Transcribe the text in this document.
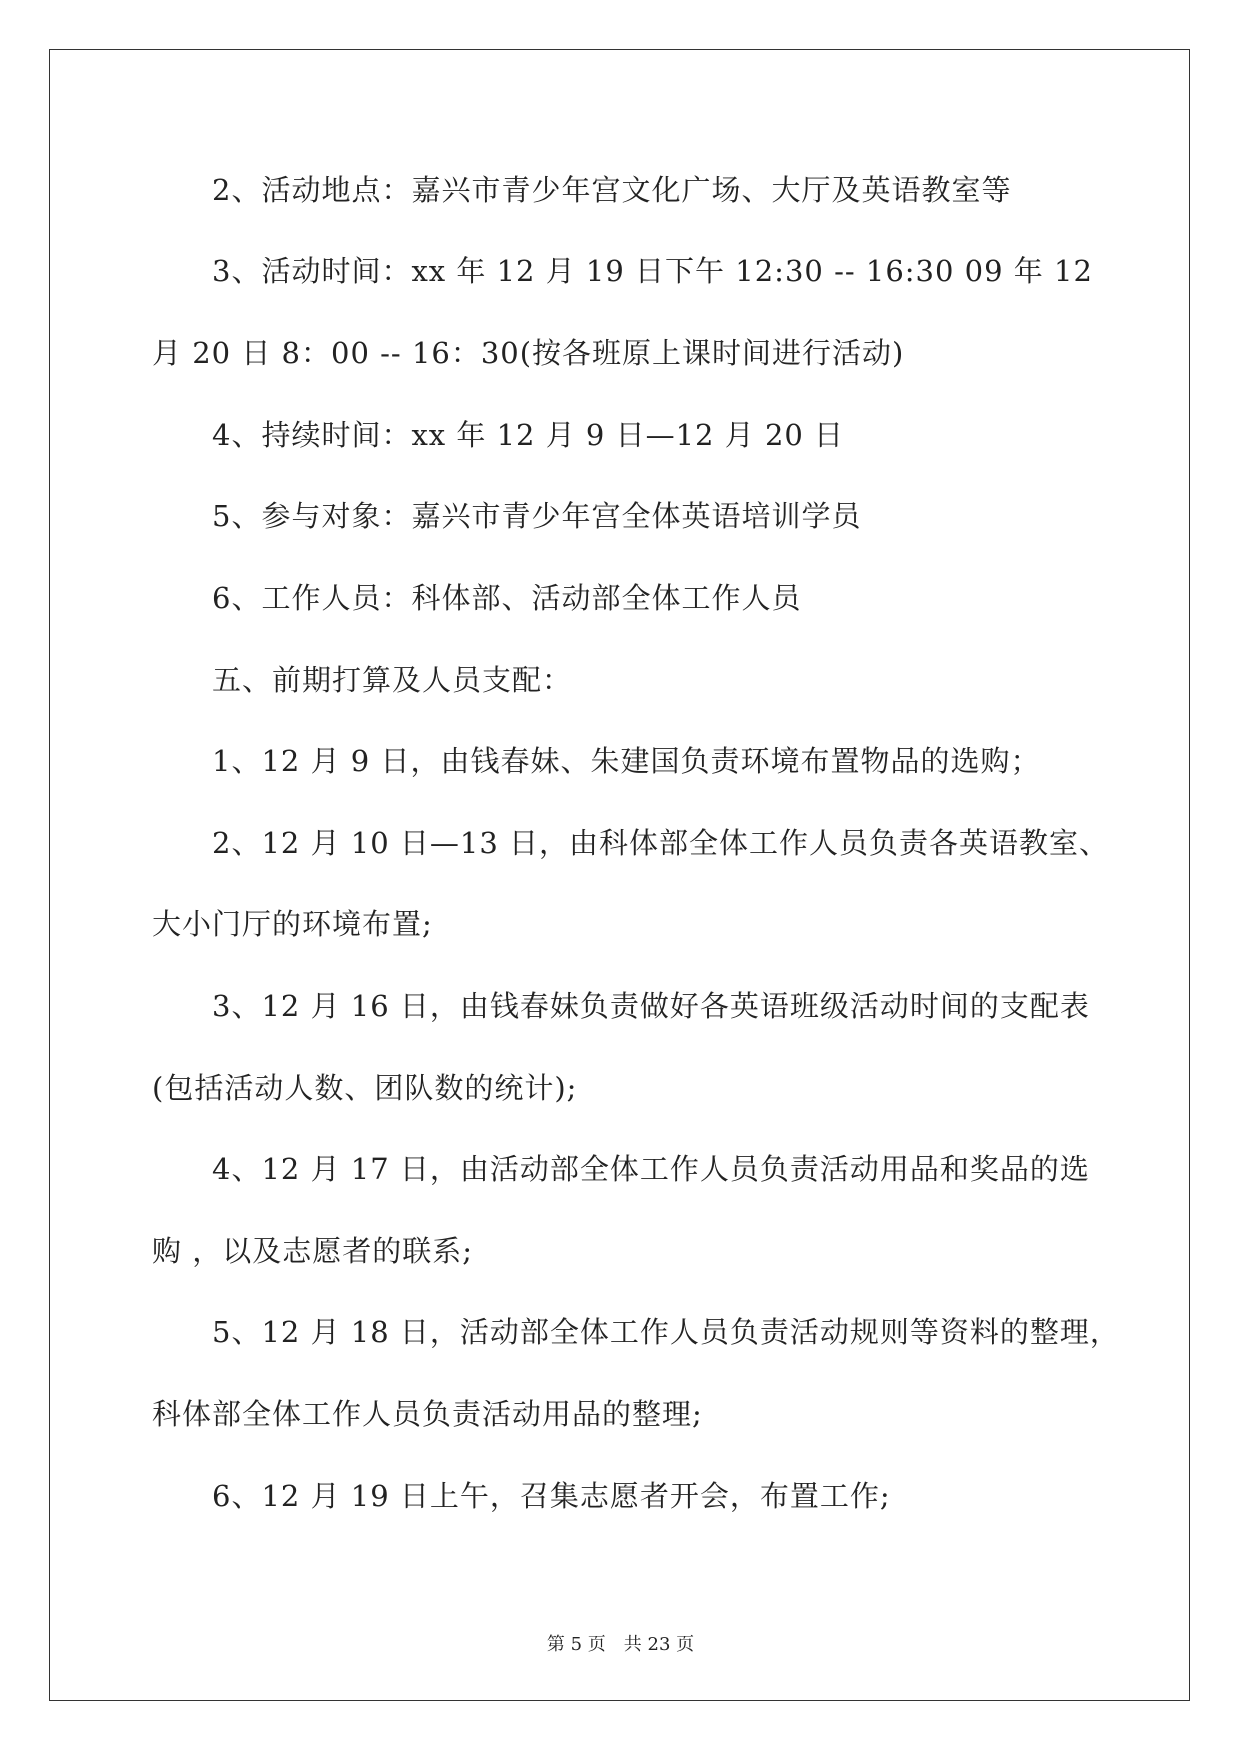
2、活动地点：嘉兴市青少年宫文化广场、大厅及英语教室等
3、活动时间：xx 年 12 月 19 日下午 12:30 -- 16:30 09 年 12
月 20 日 8：00 -- 16：30(按各班原上课时间进行活动)
4、持续时间：xx 年 12 月 9 日—12 月 20 日
5、参与对象：嘉兴市青少年宫全体英语培训学员
6、工作人员：科体部、活动部全体工作人员
五、前期打算及人员支配：
1、12 月 9 日，由钱春妹、朱建国负责环境布置物品的选购；
2、12 月 10 日—13 日，由科体部全体工作人员负责各英语教室、
大小门厅的环境布置;
3、12 月 16 日，由钱春妹负责做好各英语班级活动时间的支配表
(包括活动人数、团队数的统计);
4、12 月 17 日，由活动部全体工作人员负责活动用品和奖品的选
购 ，以及志愿者的联系;
5、12 月 18 日，活动部全体工作人员负责活动规则等资料的整理，
科体部全体工作人员负责活动用品的整理;
6、12 月 19 日上午，召集志愿者开会，布置工作;
第 5 页　共 23 页
